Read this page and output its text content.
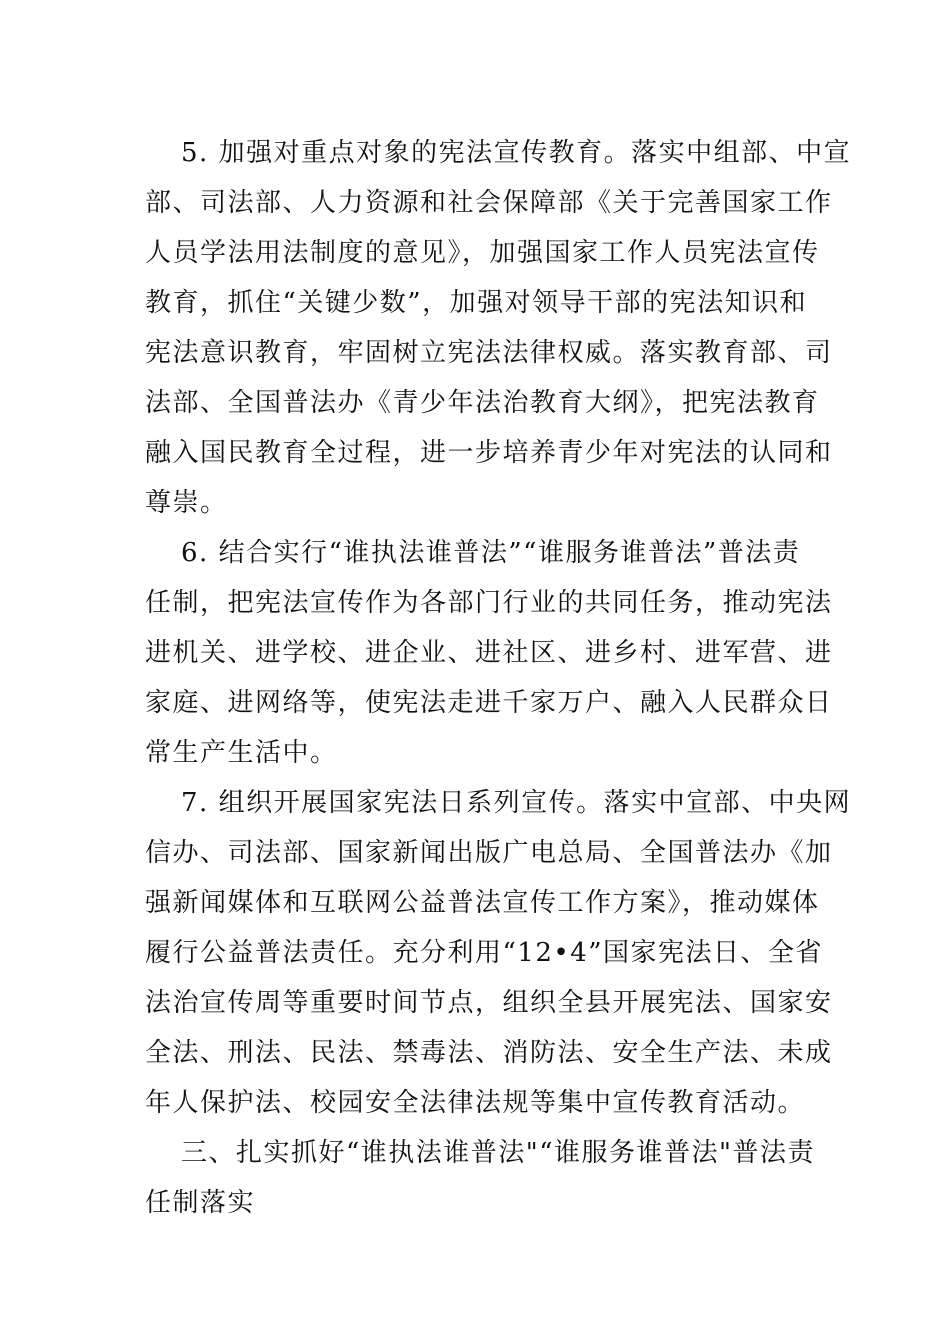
5. 加强对重点对象的宪法宣传教育。落实中组部、中宣
部、司法部、人力资源和社会保障部《关于完善国家工作
人员学法用法制度的意见》，加强国家工作人员宪法宣传
教育，抓住“关键少数”，加强对领导干部的宪法知识和
宪法意识教育，牢固树立宪法法律权威。落实教育部、司
法部、全国普法办《青少年法治教育大纲》，把宪法教育
融入国民教育全过程，进一步培养青少年对宪法的认同和
尊崇。
6. 结合实行“谁执法谁普法”“谁服务谁普法”普法责
任制，把宪法宣传作为各部门行业的共同任务，推动宪法
进机关、进学校、进企业、进社区、进乡村、进军营、进
家庭、进网络等，使宪法走进千家万户、融入人民群众日
常生产生活中。
7. 组织开展国家宪法日系列宣传。落实中宣部、中央网
信办、司法部、国家新闻出版广电总局、全国普法办《加
强新闻媒体和互联网公益普法宣传工作方案》，推动媒体
履行公益普法责任。充分利用“12•4”国家宪法日、全省
法治宣传周等重要时间节点，组织全县开展宪法、国家安
全法、刑法、民法、禁毒法、消防法、安全生产法、未成
年人保护法、校园安全法律法规等集中宣传教育活动。
三、扎实抓好“谁执法谁普法"“谁服务谁普法"普法责
任制落实
